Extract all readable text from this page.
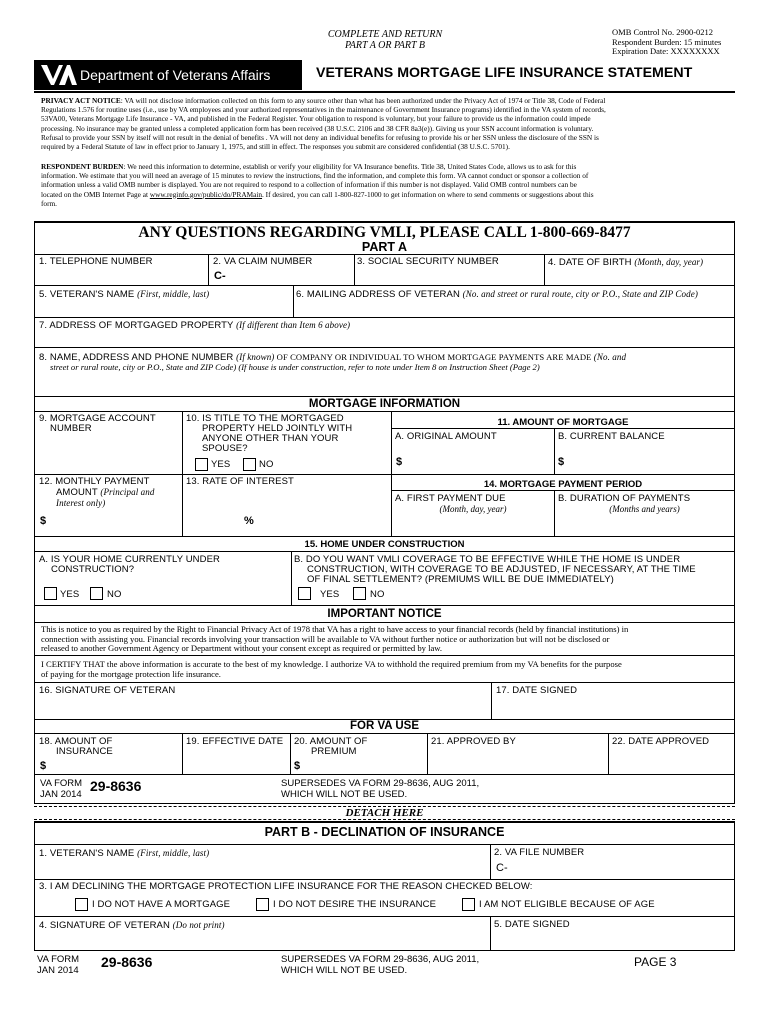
COMPLETE AND RETURN
PART A OR PART B
OMB Control No. 2900-0212
Respondent Burden: 15 minutes
Expiration Date: XXXXXXXX
Department of Veterans Affairs	VETERANS MORTGAGE LIFE INSURANCE STATEMENT
PRIVACY ACT NOTICE: VA will not disclose information collected on this form to any source other than what has been authorized under the Privacy Act of 1974 or Title 38, Code of Federal
Regulations 1.576 for routine uses (i.e., use by VA employees and your authorized representatives in the maintenance of Government Insurance programs) identified in the VA system of records,
53VA00, Veterans Mortgage Life Insurance - VA, and published in the Federal Register. Your obligation to respond is voluntary, but your failure to provide us the information could impede
processing. No insurance may be granted unless a completed application form has been received (38 U.S.C. 2106 and 38 CFR 8a3(e)). Giving us your SSN account information is voluntary.
Refusal to provide your SSN by itself will not result in the denial of benefits . VA will not deny an individual benefits for refusing to provide his or her SSN unless the disclosure of the SSN is
required by a Federal Statute of law in effect prior to January 1, 1975, and still in effect. The responses you submit are considered confidential (38 U.S.C. 5701).
RESPONDENT BURDEN: We need this information to determine, establish or verify your eligibility for VA Insurance benefits. Title 38, United States Code, allows us to ask for this
information. We estimate that you will need an average of 15 minutes to review the instructions, find the information, and complete this form. VA cannot conduct or sponsor a collection of
information unless a valid OMB number is displayed. You are not required to respond to a collection of information if this number is not displayed. Valid OMB control numbers can be
located on the OMB Internet Page at www.reginfo.gov/public/do/PRAMain. If desired, you can call 1-800-827-1000 to get information on where to send comments or suggestions about this
form.
ANY QUESTIONS REGARDING VMLI, PLEASE CALL 1-800-669-8477
PART A
1. TELEPHONE NUMBER	2. VA CLAIM NUMBER
C-
3. SOCIAL SECURITY NUMBER	4. DATE OF BIRTH (Month, day, year)
5. VETERAN'S NAME (First, middle, last)	6. MAILING ADDRESS OF VETERAN (No. and street or rural route, city or P.O., State and ZIP Code)
7. ADDRESS OF MORTGAGED PROPERTY (If different than Item 6 above)
8. NAME, ADDRESS AND PHONE NUMBER (If known) OF COMPANY OR INDIVIDUAL TO WHOM MORTGAGE PAYMENTS ARE MADE (No. and
street or rural route, city or P.O., State and ZIP Code) (If house is under construction, refer to note under Item 8 on Instruction Sheet (Page 2)
MORTGAGE INFORMATION
9. MORTGAGE ACCOUNT
NUMBER
10. IS TITLE TO THE MORTGAGED
PROPERTY HELD JOINTLY WITH
ANYONE OTHER THAN YOUR
SPOUSE?
YES	NO
11. AMOUNT OF MORTGAGE
A. ORIGINAL AMOUNT
$
B. CURRENT BALANCE
$
12. MONTHLY PAYMENT
AMOUNT (Principal and
Interest only)
$
13. RATE OF INTEREST
%
14. MORTGAGE PAYMENT PERIOD
A. FIRST PAYMENT DUE
(Month, day, year)
B. DURATION OF PAYMENTS
(Months and years)
15. HOME UNDER CONSTRUCTION
A. IS YOUR HOME CURRENTLY UNDER
CONSTRUCTION?
YES	NO
B. DO YOU WANT VMLI COVERAGE TO BE EFFECTIVE WHILE THE HOME IS UNDER
CONSTRUCTION, WITH COVERAGE TO BE ADJUSTED, IF NECESSARY, AT THE TIME
OF FINAL SETTLEMENT? (PREMIUMS WILL BE DUE IMMEDIATELY)
YES	NO
IMPORTANT NOTICE
This is notice to you as required by the Right to Financial Privacy Act of 1978 that VA has a right to have access to your financial records (held by financial institutions) in
connection with assisting you. Financial records involving your transaction will be available to VA without further notice or authorization but will not be disclosed or
released to another Government Agency or Department without your consent except as required or permitted by law.
I CERTIFY THAT the above information is accurate to the best of my knowledge. I authorize VA to withhold the required premium from my VA benefits for the purpose
of paying for the mortgage protection life insurance.
16. SIGNATURE OF VETERAN	17. DATE SIGNED
FOR VA USE
18. AMOUNT OF
INSURANCE
$
19. EFFECTIVE DATE 20. AMOUNT OF
PREMIUM
$
21. APPROVED BY	22. DATE APPROVED
VA FORM
JAN 2014 29-8636	SUPERSEDES VA FORM 29-8636, AUG 2011,
WHICH WILL NOT BE USED.
DETACH HERE
PART B - DECLINATION OF INSURANCE
1. VETERAN'S NAME (First, middle, last)	2. VA FILE NUMBER
C-
3. I AM DECLINING THE MORTGAGE PROTECTION LIFE INSURANCE FOR THE REASON CHECKED BELOW:
I DO NOT HAVE A MORTGAGE	I DO NOT DESIRE THE INSURANCE	I AM NOT ELIGIBLE BECAUSE OF AGE
4. SIGNATURE OF VETERAN (Do not print)	5. DATE SIGNED
VA FORM
JAN 2014 29-8636	SUPERSEDES VA FORM 29-8636, AUG 2011,
WHICH WILL NOT BE USED.
PAGE 3
